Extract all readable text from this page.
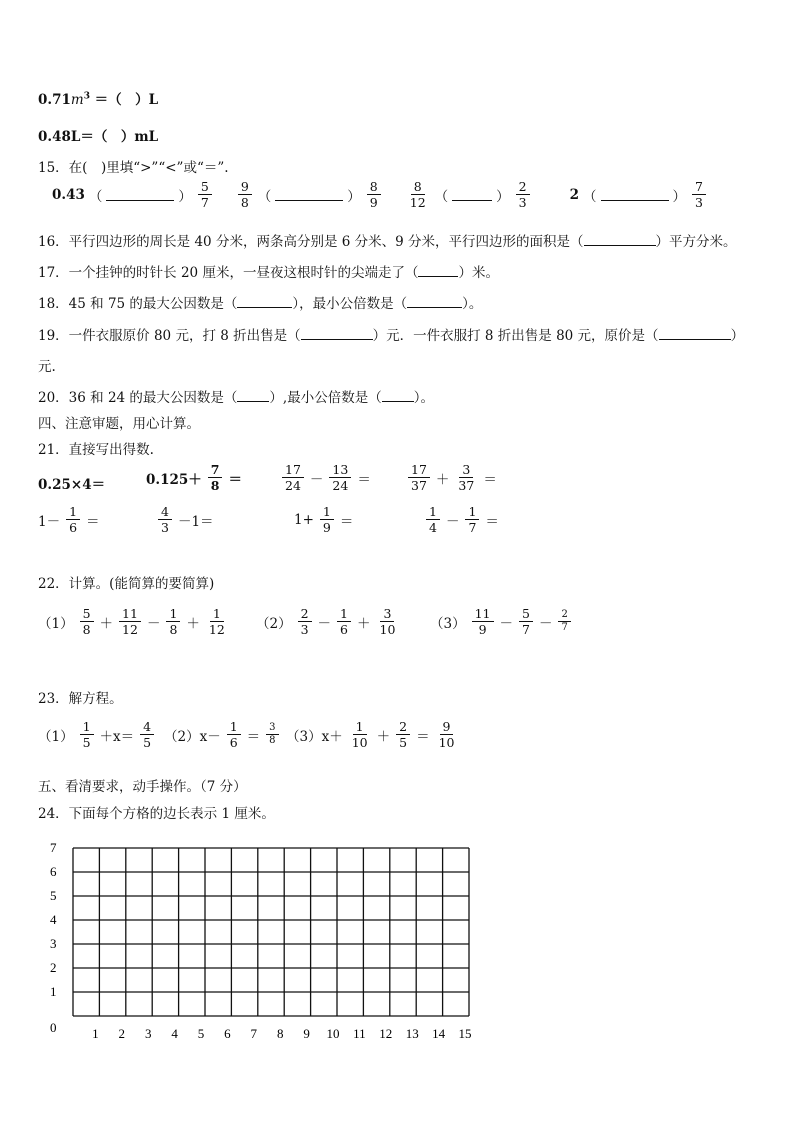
$0.71m^3$ ＝（　）L
0.48L＝（　）mL
15．在(　)里填“>”“<”或“＝”.
0.43 （	） $\frac{5}{7} \frac{9}{8}$ （	） $\frac{8}{9} \frac{8}{12}$ （	） $\frac{2}{3}$	2 （	） $\frac{7}{3}$
16．平行四边形的周长是 40 分米，两条高分别是 6 分米、9 分米，平行四边形的面积是（	）平方分米。
17．一个挂钟的时针长 20 厘米，一昼夜这根时针的尖端走了（	）米。
18．45 和 75 的最大公因数是（	），最小公倍数是（	）。
19．一件衣服原价 80 元，打 8 折出售是（	）元．一件衣服打 8 折出售是 80 元，原价是（	）
元.
20．36 和 24 的最大公因数是（ ）,最小公倍数是（ ）。
四、注意审题，用心计算。
21．直接写出得数.
0.25×4＝	$0.125+ \frac{7}{8}$ ＝	$\frac{17}{24} - \frac{13}{24}$ ＝	$\frac{17}{37} + \frac{3}{37}$ ＝
$1- \frac{1}{6}$ ＝	$\frac{4}{3} -1=$	$1+ \frac{1}{9}$ ＝	$\frac{1}{4} - \frac{1}{7}$ ＝
22．计算。(能简算的要简算)
$(1) \frac{5}{8} + \frac{11}{12} - \frac{1}{8} + \frac{1}{12} (2) \frac{2}{3} - \frac{1}{6} + \frac{3}{10} (3) \frac{11}{9} - \frac{5}{7} - \frac{2}{7}$
23．解方程。
$(1) \frac{1}{5} +x= \frac{4}{5} (2)x- \frac{1}{6} = \frac{3}{8} (3)x+ \frac{1}{10} + \frac{2}{5} = \frac{9}{10}$
五、看清要求，动手操作。（7 分）
24．下面每个方格的边长表示 1 厘米。
0
1
2
3
4
5
6
7
1 2 3 4 5 6 7 8 9 10 11 12 13 14 15
